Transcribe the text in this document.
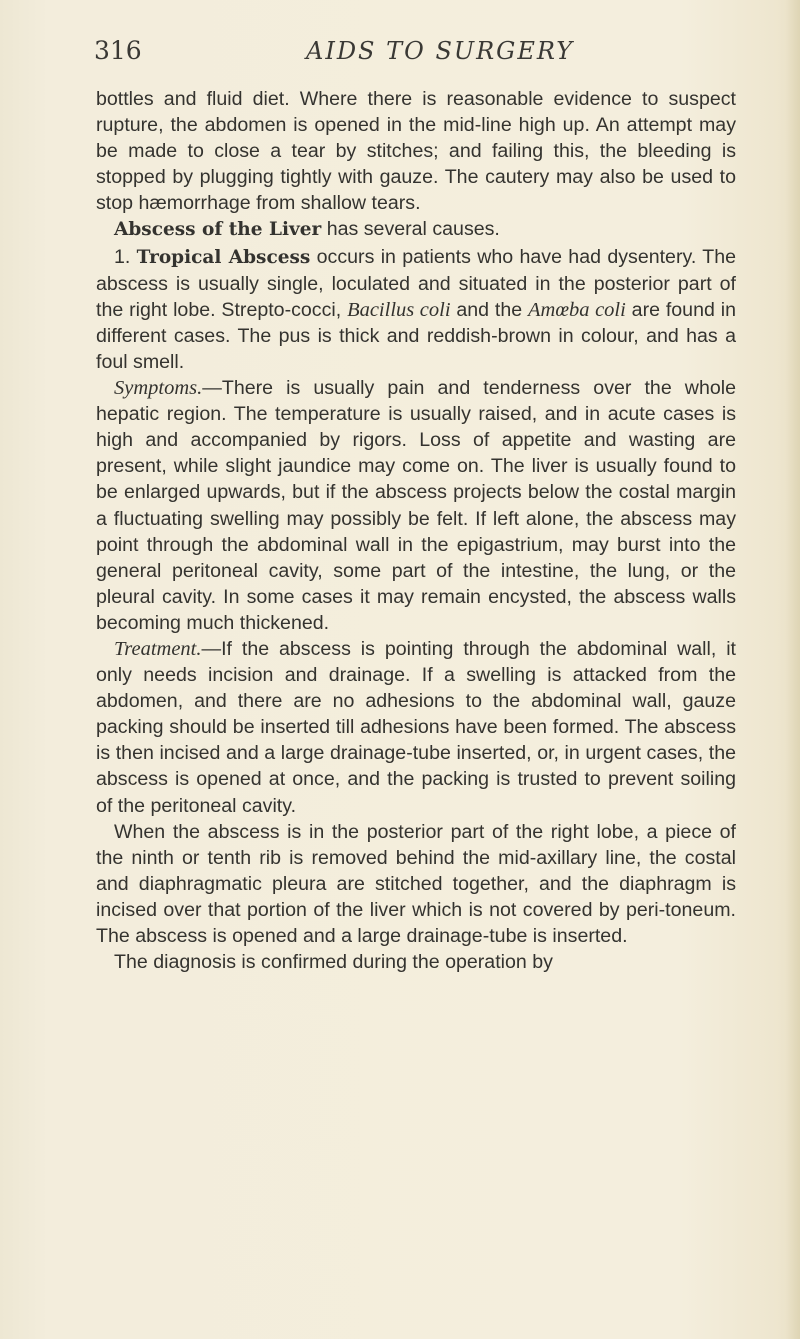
316	AIDS TO SURGERY

bottles and fluid diet. Where there is reasonable evidence to suspect rupture, the abdomen is opened in the mid-line high up. An attempt may be made to close a tear by stitches; and failing this, the bleeding is stopped by plugging tightly with gauze. The cautery may also be used to stop hæmorrhage from shallow tears.

Abscess of the Liver has several causes.

1. Tropical Abscess occurs in patients who have had dysentery. The abscess is usually single, loculated and situated in the posterior part of the right lobe. Strepto-cocci, Bacillus coli and the Amœba coli are found in different cases. The pus is thick and reddish-brown in colour, and has a foul smell.

Symptoms.—There is usually pain and tenderness over the whole hepatic region. The temperature is usually raised, and in acute cases is high and accompanied by rigors. Loss of appetite and wasting are present, while slight jaundice may come on. The liver is usually found to be enlarged upwards, but if the abscess projects below the costal margin a fluctuating swelling may possibly be felt. If left alone, the abscess may point through the abdominal wall in the epigastrium, may burst into the general peritoneal cavity, some part of the intestine, the lung, or the pleural cavity. In some cases it may remain encysted, the abscess walls becoming much thickened.

Treatment.—If the abscess is pointing through the abdominal wall, it only needs incision and drainage. If a swelling is attacked from the abdomen, and there are no adhesions to the abdominal wall, gauze packing should be inserted till adhesions have been formed. The abscess is then incised and a large drainage-tube inserted, or, in urgent cases, the abscess is opened at once, and the packing is trusted to prevent soiling of the peritoneal cavity.

When the abscess is in the posterior part of the right lobe, a piece of the ninth or tenth rib is removed behind the mid-axillary line, the costal and diaphragmatic pleura are stitched together, and the diaphragm is incised over that portion of the liver which is not covered by peri-toneum. The abscess is opened and a large drainage-tube is inserted.

The diagnosis is confirmed during the operation by
